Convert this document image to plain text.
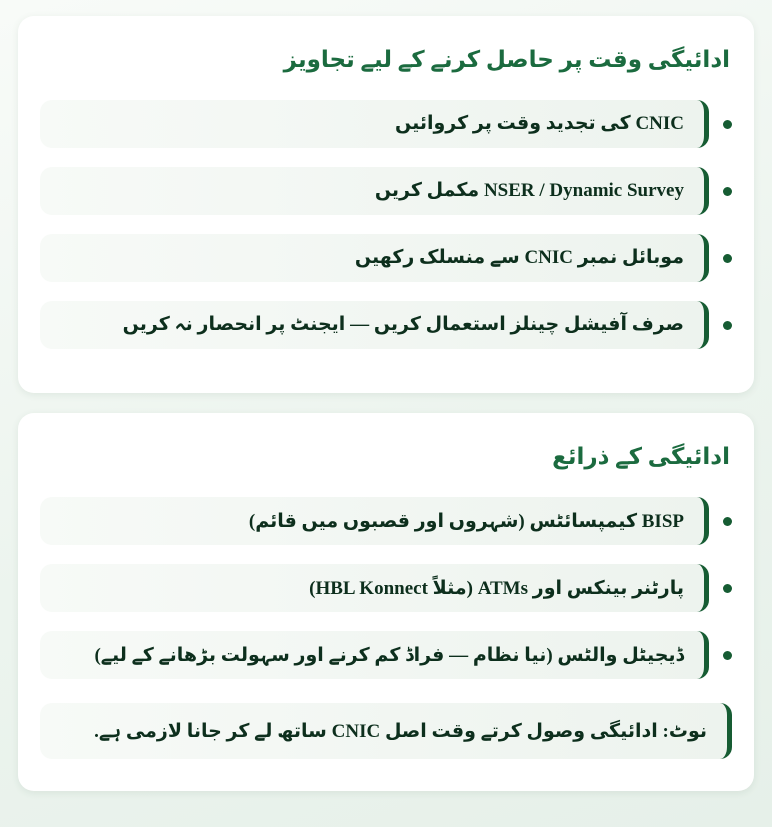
ادائیگی وقت پر حاصل کرنے کے لیے تجاویز
CNIC کی تجدید وقت پر کروائیں
NSER / Dynamic Survey مکمل کریں
موبائل نمبر CNIC سے منسلک رکھیں
صرف آفیشل چینلز استعمال کریں — ایجنٹ پر انحصار نہ کریں
ادائیگی کے ذرائع
BISP کیمپسائٹس (شہروں اور قصبوں میں قائم)
پارٹنر بینکس اور ATMs (مثلاً HBL Konnect)
ڈیجیٹل والٹس (نیا نظام — فراڈ کم کرنے اور سہولت بڑھانے کے لیے)
نوٹ: ادائیگی وصول کرتے وقت اصل CNIC ساتھ لے کر جانا لازمی ہے.
